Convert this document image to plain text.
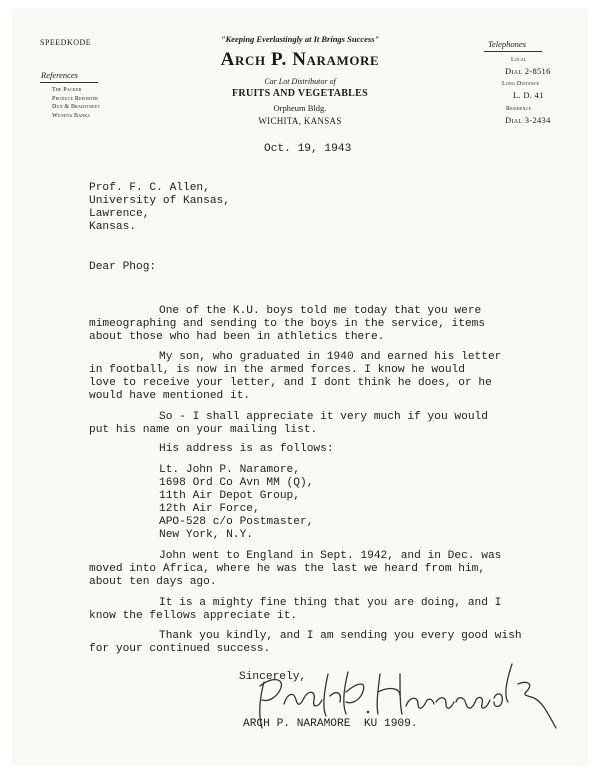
SPEEDKODE
References
The Packer
Produce Reporter
Dun & Bradstreet
Wichita Banks
"Keeping Everlastingly at It Brings Success"
Arch P. Naramore
Car Lot Distributor of
FRUITS AND VEGETABLES
Orpheum Bldg.
WICHITA, KANSAS
Telephones
Local
Dial 2-8516
Long Distance
L. D. 41
Residence
Dial 3-2434
Oct. 19, 1943
Prof. F. C. Allen,
University of Kansas,
Lawrence,
Kansas.
Dear Phog:
One of the K.U. boys told me today that you were
mimeographing and sending to the boys in the service, items
about those who had been in athletics there.
My son, who graduated in 1940 and earned his letter
in football, is now in the armed forces. I know he would
love to receive your letter, and I dont think he does, or he
would have mentioned it.
So - I shall appreciate it very much if you would
put his name on your mailing list.
His address is as follows:
Lt. John P. Naramore,
1698 Ord Co Avn MM (Q),
11th Air Depot Group,
12th Air Force,
APO-528 c/o Postmaster,
New York, N.Y.
John went to England in Sept. 1942, and in Dec. was
moved into Africa, where he was the last we heard from him,
about ten days ago.
It is a mighty fine thing that you are doing, and I
know the fellows appreciate it.
Thank you kindly, and I am sending you every good wish
for your continued success.
Sincerely,
ARCH P. NARAMORE  KU 1909.
